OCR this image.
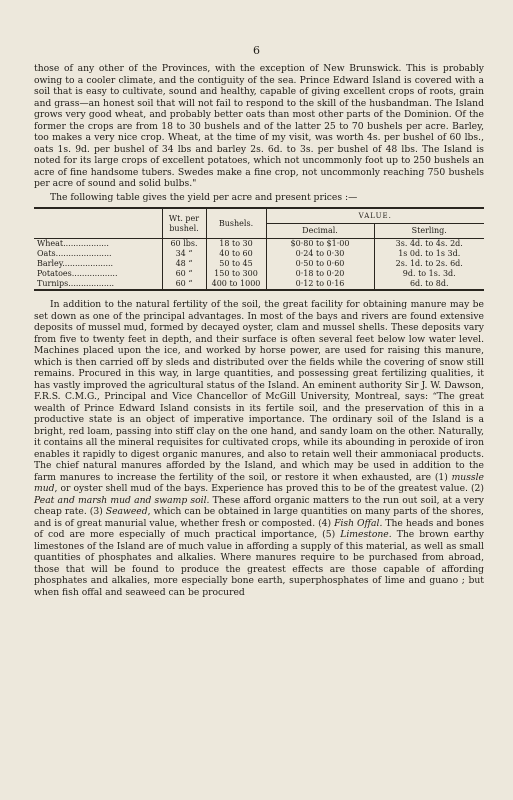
6

those of any other of the Provinces, with the exception of New Brunswick. This is probably owing to a cooler climate, and the contiguity of the sea. Prince Edward Island is covered with a soil that is easy to cultivate, sound and healthy, capable of giving excellent crops of roots, grain and grass—an honest soil that will not fail to respond to the skill of the husbandman. The Island grows very good wheat, and probably better oats than most other parts of the Dominion. Of the former the crops are from 18 to 30 bushels and of the latter 25 to 70 bushels per acre. Barley, too makes a very nice crop. Wheat, at the time of my visit, was worth 4s. per bushel of 60 lbs., oats 1s. 9d. per bushel of 34 lbs and barley 2s. 6d. to 3s. per bushel of 48 lbs. The Island is noted for its large crops of excellent potatoes, which not uncommonly foot up to 250 bushels an acre of fine handsome tubers. Swedes make a fine crop, not uncommonly reaching 750 bushels per acre of sound and solid bulbs."

The following table gives the yield per acre and present prices :—
	Wt. per bushel.	Bushels.	VALUE.	
			Decimal.	Sterling.
Wheat..................	60 lbs.	18 to 30	$0·80 to $1·00	3s. 4d. to 4s. 2d.
Oats......................	34 “	40 to 60	0·24 to 0·30	1s 0d. to 1s 3d.
Barley....................	48 “	50 to 45	0·50 to 0·60	2s. 1d. to 2s. 6d.
Potatoes..................	60 “	150 to 300	0·18 to 0·20	9d. to 1s. 3d.
Turnips..................	60 “	400 to 1000	0·12 to 0·16	6d. to 8d.

In addition to the natural fertility of the soil, the great facility for obtaining manure may be set down as one of the principal advantages. In most of the bays and rivers are found extensive deposits of mussel mud, formed by decayed oyster, clam and mussel shells. These deposits vary from five to twenty feet in depth, and their surface is often several feet below low water level. Machines placed upon the ice, and worked by horse power, are used for raising this manure, which is then carried off by sleds and distributed over the fields while the covering of snow still remains. Procured in this way, in large quantities, and possessing great fertilizing qualities, it has vastly improved the agricultural status of the Island. An eminent authority Sir J. W. Dawson, F.R.S. C.M.G., Principal and Vice Chancellor of McGill University, Montreal, says: “The great wealth of Prince Edward Island consists in its fertile soil, and the preservation of this in a productive state is an object of imperative importance. The ordinary soil of the Island is a bright, red loam, passing into stiff clay on the one hand, and sandy loam on the other. Naturally, it contains all the mineral requisites for cultivated crops, while its abounding in peroxide of iron enables it rapidly to digest organic manures, and also to retain well their ammoniacal products. The chief natural manures afforded by the Island, and which may be used in addition to the farm manures to increase the fertility of the soil, or restore it when exhausted, are (1) mussle mud, or oyster shell mud of the bays. Experience has proved this to be of the greatest value. (2) Peat and marsh mud and swamp soil. These afford organic matters to the run out soil, at a very cheap rate. (3) Seaweed, which can be obtained in large quantities on many parts of the shores, and is of great manurial value, whether fresh or composted. (4) Fish Offal. The heads and bones of cod are more especially of much practical importance, (5) Limestone. The brown earthy limestones of the Island are of much value in affording a supply of this material, as well as small quantities of phosphates and alkalies. Where manures require to be purchased from abroad, those that will be found to produce the greatest effects are those capable of affording phosphates and alkalies, more especially bone earth, superphosphates of lime and guano ; but when fish offal and seaweed can be procured
